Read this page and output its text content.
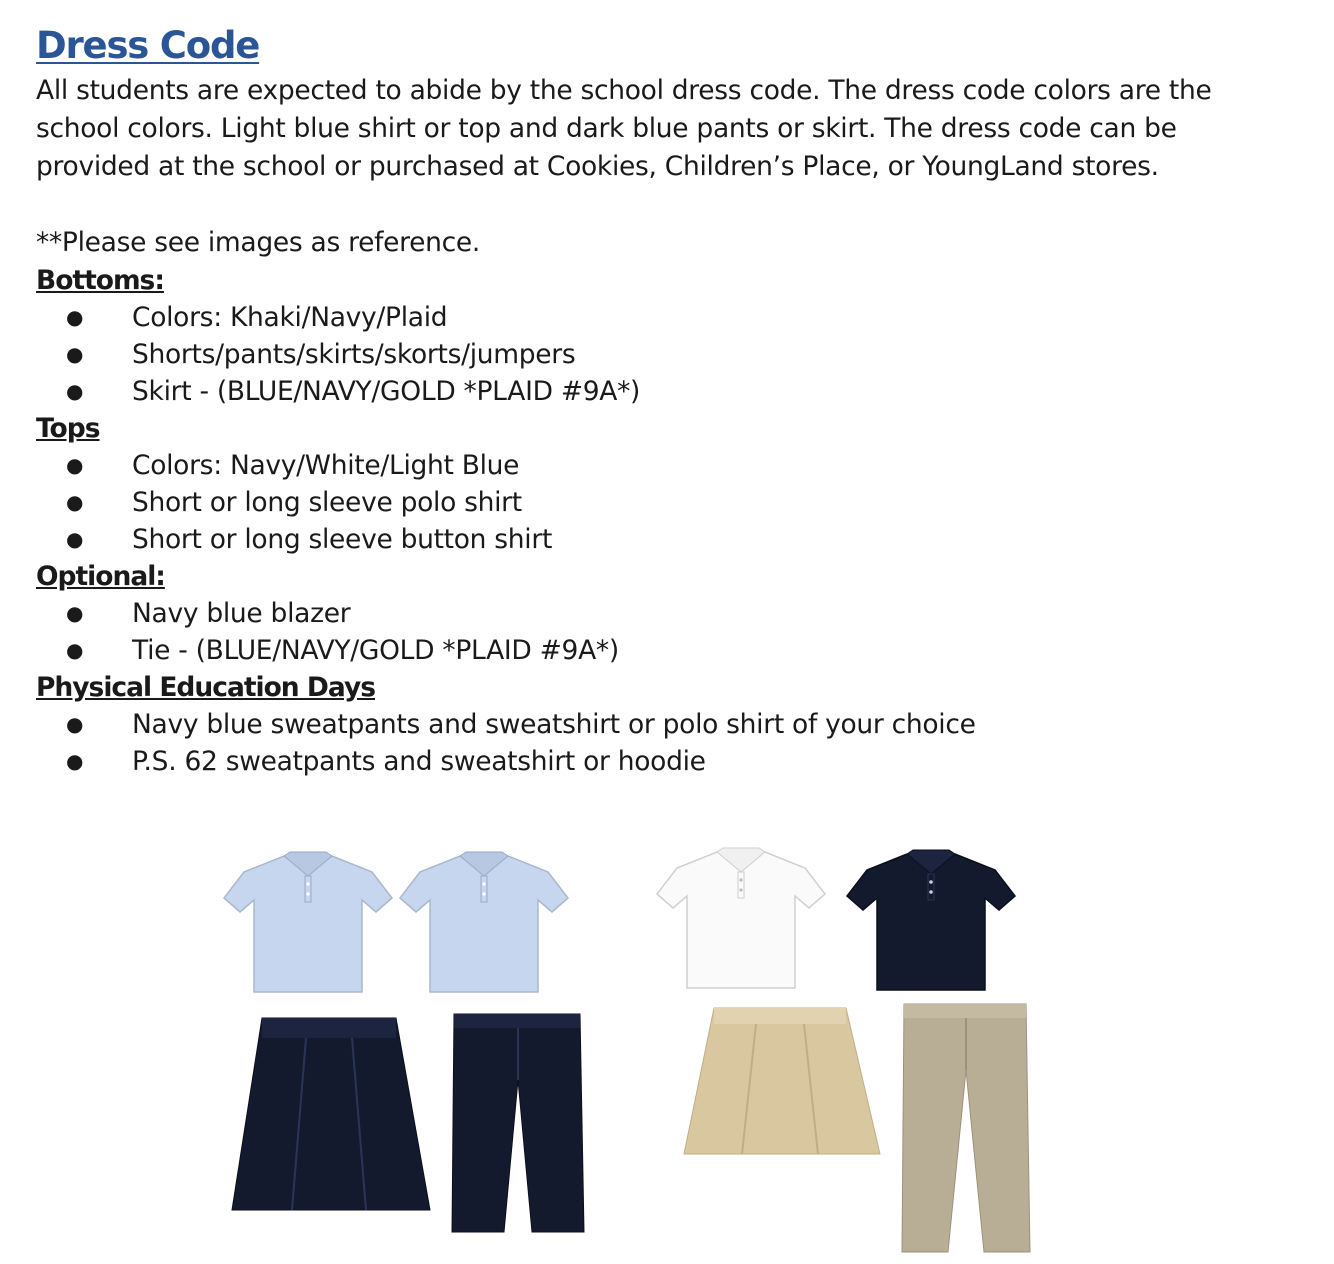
Dress Code

All students are expected to abide by the school dress code. The dress code colors are the school colors. Light blue shirt or top and dark blue pants or skirt. The dress code can be provided at the school or purchased at Cookies, Children’s Place, or YoungLand stores.

**Please see images as reference.

Bottoms:
● Colors: Khaki/Navy/Plaid
● Shorts/pants/skirts/skorts/jumpers
● Skirt - (BLUE/NAVY/GOLD *PLAID #9A*)
Tops
● Colors: Navy/White/Light Blue
● Short or long sleeve polo shirt
● Short or long sleeve button shirt
Optional:
● Navy blue blazer
● Tie - (BLUE/NAVY/GOLD *PLAID #9A*)
Physical Education Days
● Navy blue sweatpants and sweatshirt or polo shirt of your choice
● P.S. 62 sweatpants and sweatshirt or hoodie
